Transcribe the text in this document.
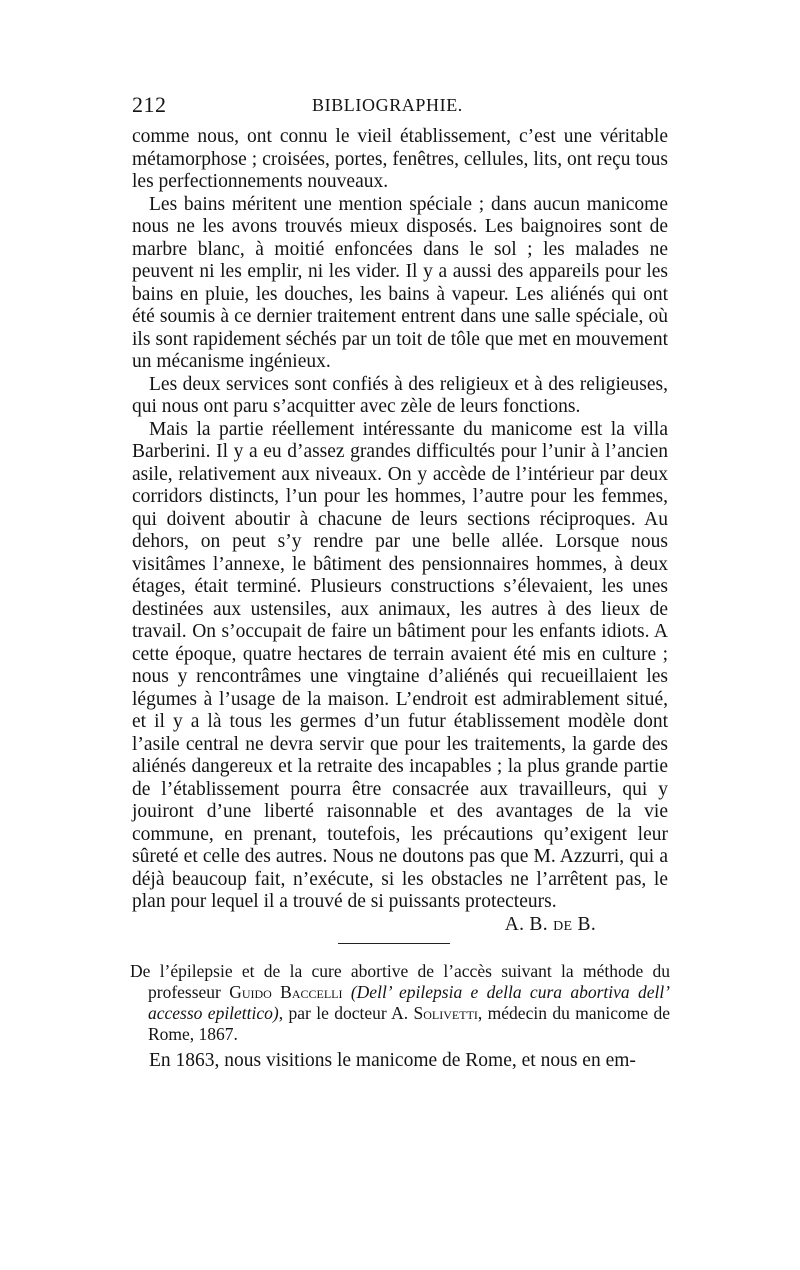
212	BIBLIOGRAPHIE.

comme nous, ont connu le vieil établissement, c’est une véritable métamorphose ; croisées, portes, fenêtres, cellules, lits, ont reçu tous les perfectionnements nouveaux.

Les bains méritent une mention spéciale ; dans aucun manicome nous ne les avons trouvés mieux disposés. Les baignoires sont de marbre blanc, à moitié enfoncées dans le sol ; les malades ne peuvent ni les emplir, ni les vider. Il y a aussi des appareils pour les bains en pluie, les douches, les bains à vapeur. Les aliénés qui ont été soumis à ce dernier traitement entrent dans une salle spéciale, où ils sont rapidement séchés par un toit de tôle que met en mouvement un mécanisme ingénieux.

Les deux services sont confiés à des religieux et à des religieuses, qui nous ont paru s’acquitter avec zèle de leurs fonctions.

Mais la partie réellement intéressante du manicome est la villa Barberini. Il y a eu d’assez grandes difficultés pour l’unir à l’ancien asile, relativement aux niveaux. On y accède de l’intérieur par deux corridors distincts, l’un pour les hommes, l’autre pour les femmes, qui doivent aboutir à chacune de leurs sections réciproques. Au dehors, on peut s’y rendre par une belle allée. Lorsque nous visitâmes l’annexe, le bâtiment des pensionnaires hommes, à deux étages, était terminé. Plusieurs constructions s’élevaient, les unes destinées aux ustensiles, aux animaux, les autres à des lieux de travail. On s’occupait de faire un bâtiment pour les enfants idiots. A cette époque, quatre hectares de terrain avaient été mis en culture ; nous y rencontrâmes une vingtaine d’aliénés qui recueillaient les légumes à l’usage de la maison. L’endroit est admirablement situé, et il y a là tous les germes d’un futur établissement modèle dont l’asile central ne devra servir que pour les traitements, la garde des aliénés dangereux et la retraite des incapables ; la plus grande partie de l’établissement pourra être consacrée aux travailleurs, qui y jouiront d’une liberté raisonnable et des avantages de la vie commune, en prenant, toutefois, les précautions qu’exigent leur sûreté et celle des autres. Nous ne doutons pas que M. Azzurri, qui a déjà beaucoup fait, n’exécute, si les obstacles ne l’arrêtent pas, le plan pour lequel il a trouvé de si puissants protecteurs.

A. B. de B.

De l’épilepsie et de la cure abortive de l’accès suivant la méthode du professeur Guido Baccelli (Dell’ epilepsia e della cura abortiva dell’ accesso epilettico), par le docteur A. Solivetti, médecin du manicome de Rome, 1867.

En 1863, nous visitions le manicome de Rome, et nous en em-
